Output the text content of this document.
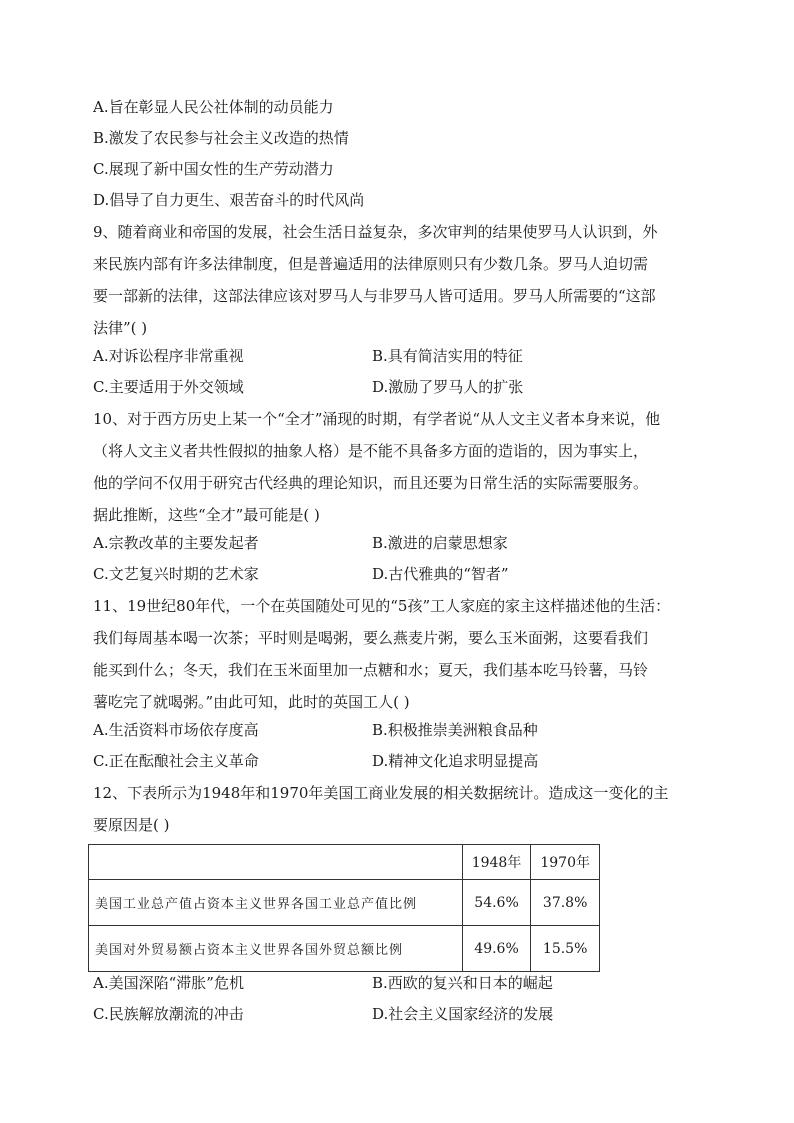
A.旨在彰显人民公社体制的动员能力
B.激发了农民参与社会主义改造的热情
C.展现了新中国女性的生产劳动潜力
D.倡导了自力更生、艰苦奋斗的时代风尚

9、随着商业和帝国的发展，社会生活日益复杂，多次审判的结果使罗马人认识到，外

来民族内部有许多法律制度，但是普遍适用的法律原则只有少数几条。罗马人迫切需

要一部新的法律，这部法律应该对罗马人与非罗马人皆可适用。罗马人所需要的“这部

法律”( )

A.对诉讼程序非常重视	B.具有简洁实用的特征
C.主要适用于外交领域	D.激励了罗马人的扩张

10、对于西方历史上某一个“全才”涌现的时期，有学者说“从人文主义者本身来说，他

（将人文主义者共性假拟的抽象人格）是不能不具备多方面的造诣的，因为事实上，

他的学问不仅用于研究古代经典的理论知识，而且还要为日常生活的实际需要服务。

据此推断，这些“全才”最可能是( )

A.宗教改革的主要发起者	B.激进的启蒙思想家
C.文艺复兴时期的艺术家	D.古代雅典的“智者”

11、19世纪80年代，一个在英国随处可见的“5孩”工人家庭的家主这样描述他的生活：

我们每周基本喝一次茶；平时则是喝粥，要么燕麦片粥，要么玉米面粥，这要看我们

能买到什么；冬天，我们在玉米面里加一点糖和水；夏天，我们基本吃马铃薯，马铃

薯吃完了就喝粥。”由此可知，此时的英国工人( )

A.生活资料市场依存度高	B.积极推崇美洲粮食品种
C.正在酝酿社会主义革命	D.精神文化追求明显提高

12、下表所示为1948年和1970年美国工商业发展的相关数据统计。造成这一变化的主

要原因是( )

	1948年	1970年
美国工业总产值占资本主义世界各国工业总产值比例	54.6%	37.8%
美国对外贸易额占资本主义世界各国外贸总额比例	49.6%	15.5%
A.美国深陷“滞胀”危机	B.西欧的复兴和日本的崛起
C.民族解放潮流的冲击	D.社会主义国家经济的发展
